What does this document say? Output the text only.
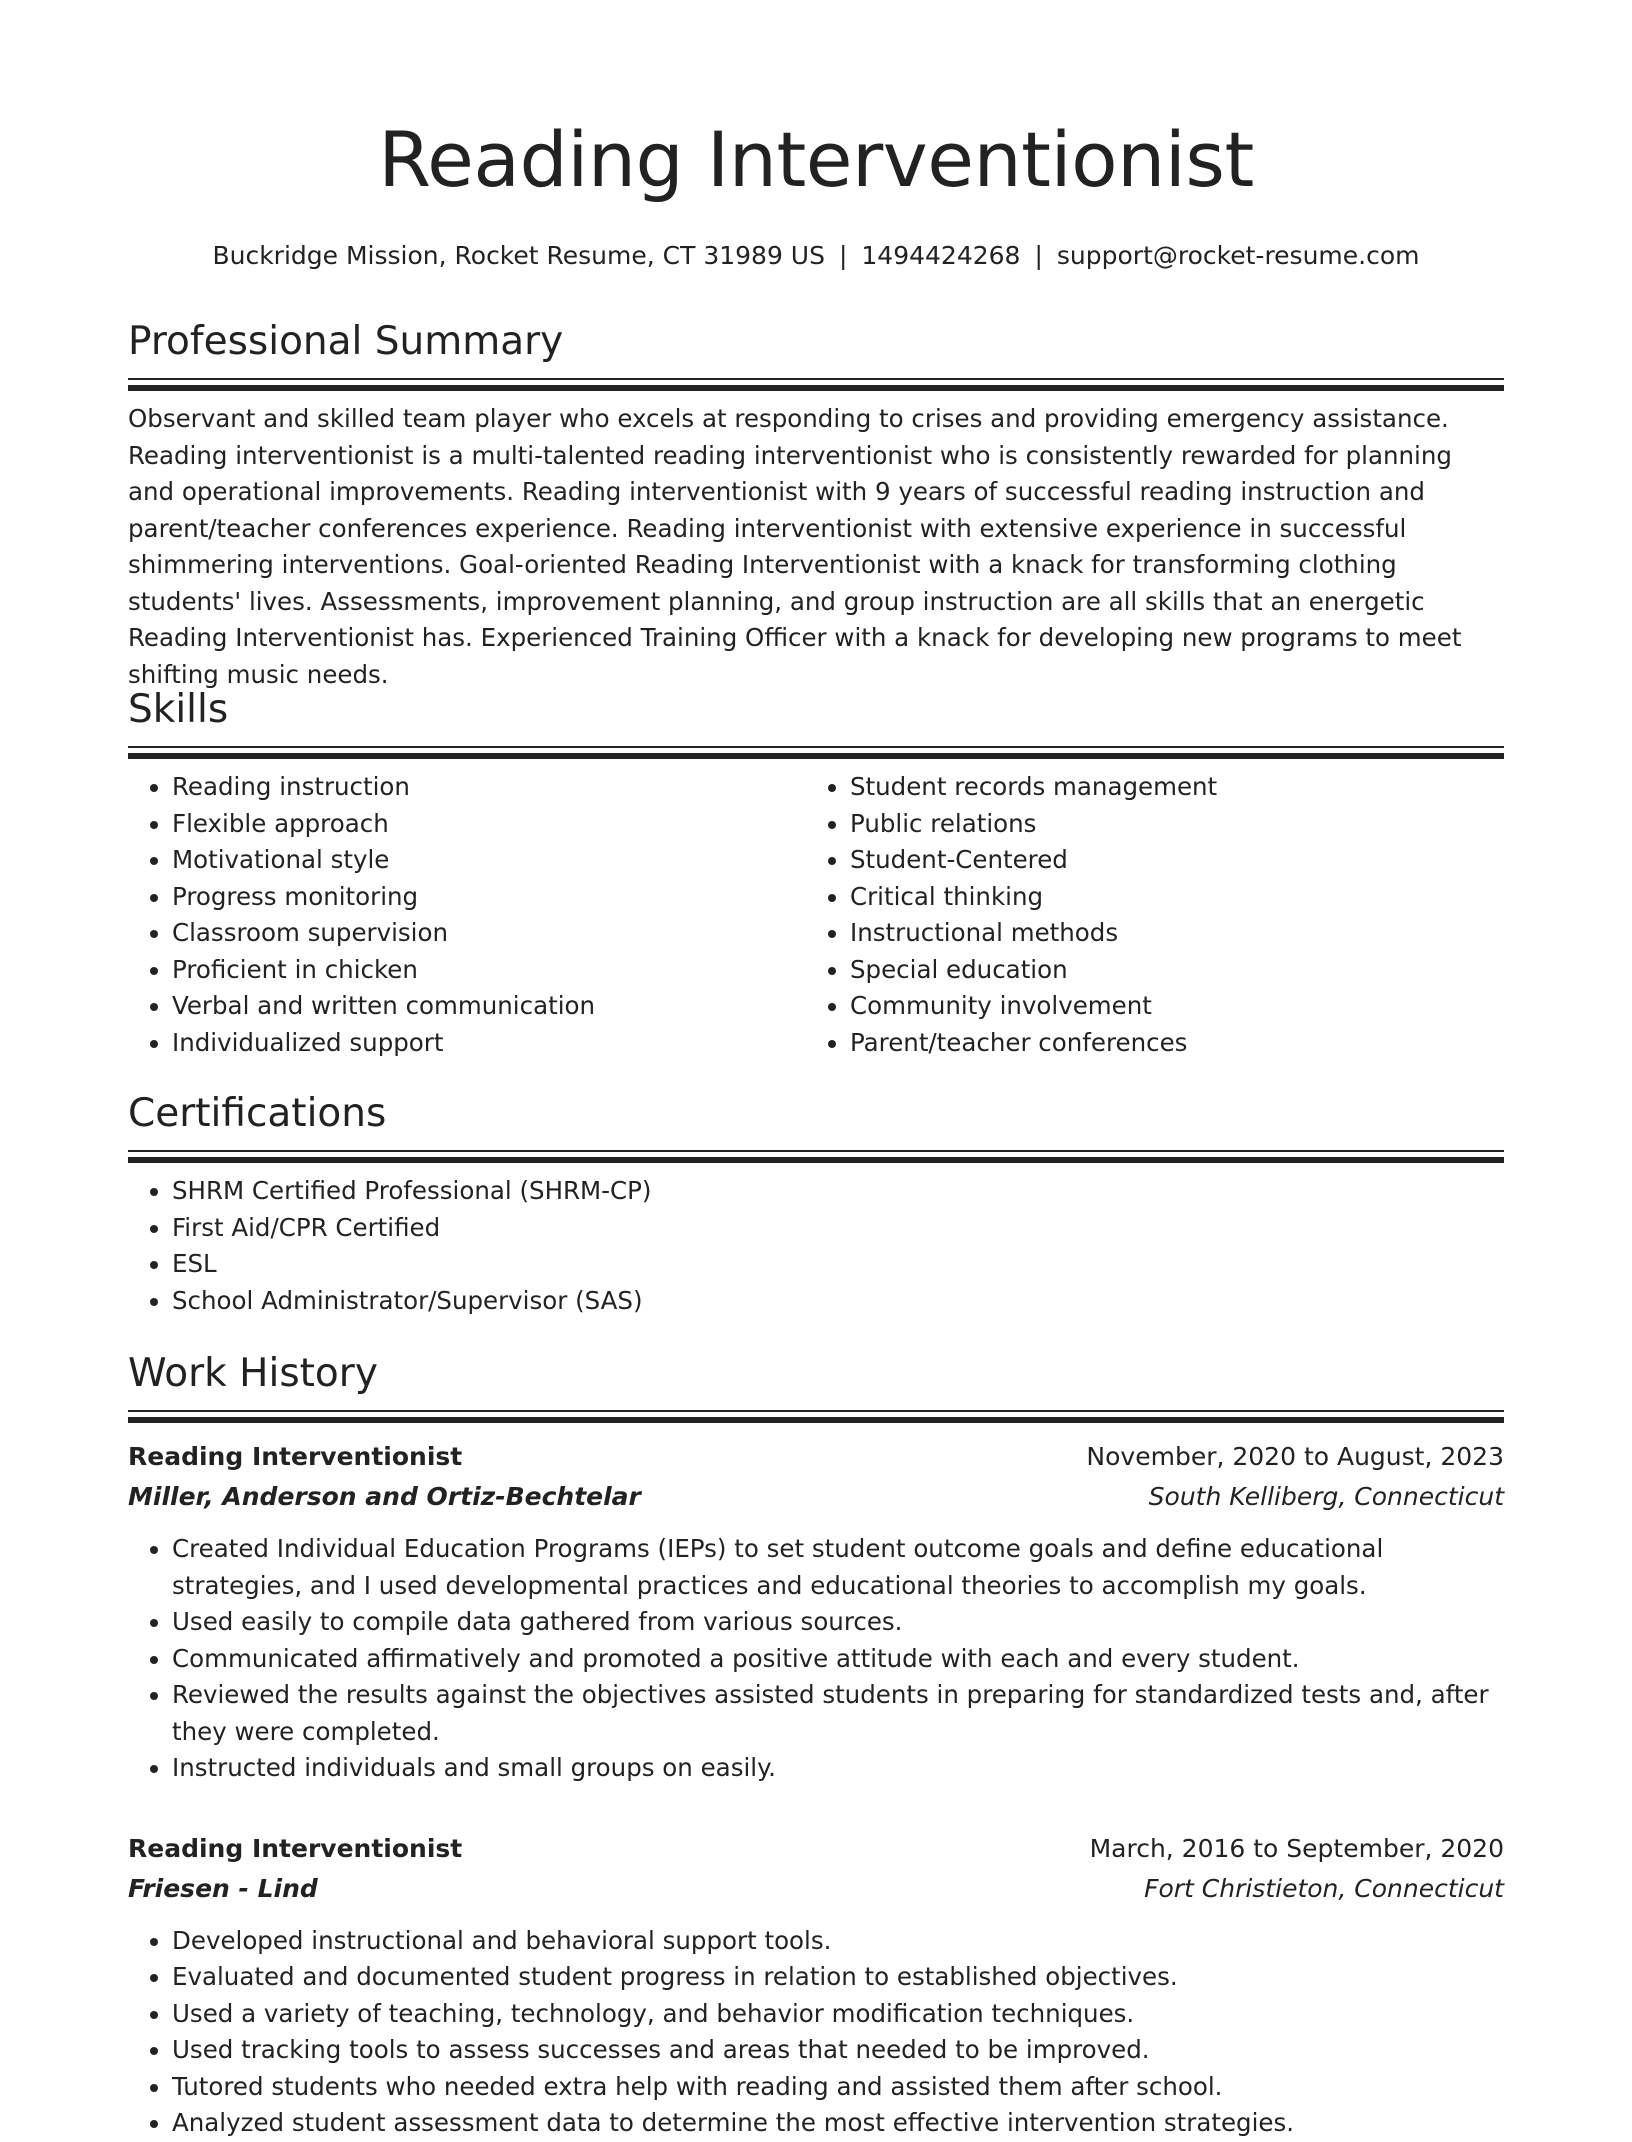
Reading Interventionist
Buckridge Mission, Rocket Resume, CT 31989 US | 1494424268 | support@rocket-resume.com
Professional Summary

Observant and skilled team player who excels at responding to crises and providing emergency assistance. Reading interventionist is a multi-talented reading interventionist who is consistently rewarded for planning and operational improvements. Reading interventionist with 9 years of successful reading instruction and parent/teacher conferences experience. Reading interventionist with extensive experience in successful shimmering interventions. Goal-oriented Reading Interventionist with a knack for transforming clothing students' lives. Assessments, improvement planning, and group instruction are all skills that an energetic Reading Interventionist has. Experienced Training Officer with a knack for developing new programs to meet shifting music needs.

Skills
• Reading instruction
• Flexible approach
• Motivational style
• Progress monitoring
• Classroom supervision
• Proficient in chicken
• Verbal and written communication
• Individualized support
• Student records management
• Public relations
• Student-Centered
• Critical thinking
• Instructional methods
• Special education
• Community involvement
• Parent/teacher conferences
Certifications
• SHRM Certified Professional (SHRM-CP)
• First Aid/CPR Certified
• ESL
• School Administrator/Supervisor (SAS)
Work History
Reading Interventionist	November, 2020 to August, 2023
Miller, Anderson and Ortiz-Bechtelar	South Kelliberg, Connecticut
• Created Individual Education Programs (IEPs) to set student outcome goals and define educational strategies, and I used developmental practices and educational theories to accomplish my goals.
• Used easily to compile data gathered from various sources.
• Communicated affirmatively and promoted a positive attitude with each and every student.
• Reviewed the results against the objectives assisted students in preparing for standardized tests and, after they were completed.
• Instructed individuals and small groups on easily.
Reading Interventionist	March, 2016 to September, 2020
Friesen - Lind	Fort Christieton, Connecticut
• Developed instructional and behavioral support tools.
• Evaluated and documented student progress in relation to established objectives.
• Used a variety of teaching, technology, and behavior modification techniques.
• Used tracking tools to assess successes and areas that needed to be improved.
• Tutored students who needed extra help with reading and assisted them after school.
• Analyzed student assessment data to determine the most effective intervention strategies.
